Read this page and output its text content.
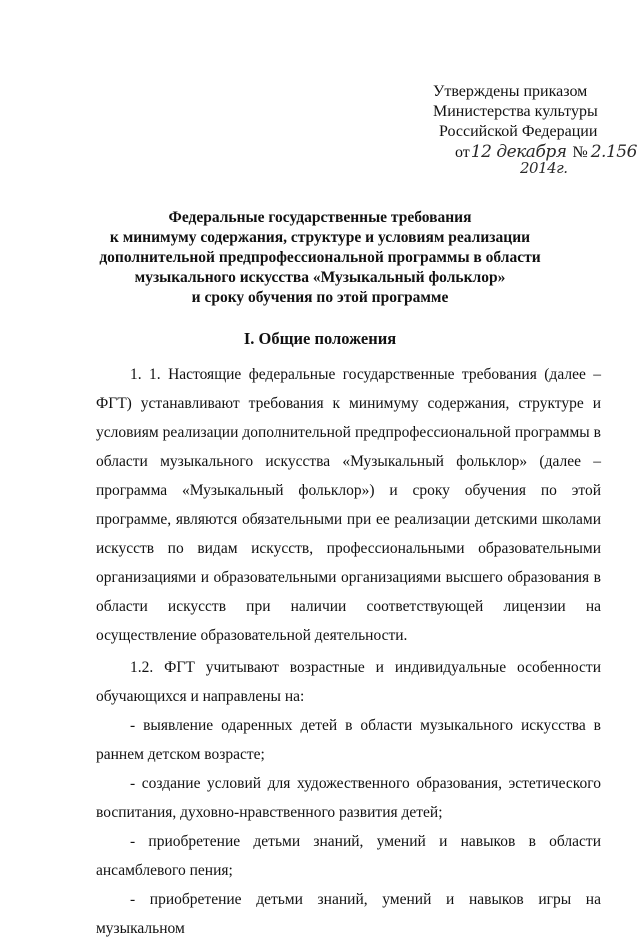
Утверждены приказом
Министерства культуры
Российской Федерации
от12 декабря № 2.156
2014г.
Федеральные государственные требования
к минимуму содержания, структуре и условиям реализации
дополнительной предпрофессиональной программы в области
музыкального искусства «Музыкальный фольклор»
и сроку обучения по этой программе
I. Общие положения

1. 1. Настоящие федеральные государственные требования (далее – ФГТ) устанавливают требования к минимуму содержания, структуре и условиям реализации дополнительной предпрофессиональной программы в области музыкального искусства «Музыкальный фольклор» (далее – программа «Музыкальный фольклор») и сроку обучения по этой программе, являются обязательными при ее реализации детскими школами искусств по видам искусств, профессиональными образовательными организациями и образовательными организациями высшего образования в области искусств при наличии соответствующей лицензии на осуществление образовательной деятельности.

1.2. ФГТ учитывают возрастные и индивидуальные особенности обучающихся и направлены на:

- выявление одаренных детей в области музыкального искусства в раннем детском возрасте;

- создание условий для художественного образования, эстетического воспитания, духовно-нравственного развития детей;

- приобретение детьми знаний, умений и навыков в области ансамблевого пения;

- приобретение детьми знаний, умений и навыков игры на музыкальном
